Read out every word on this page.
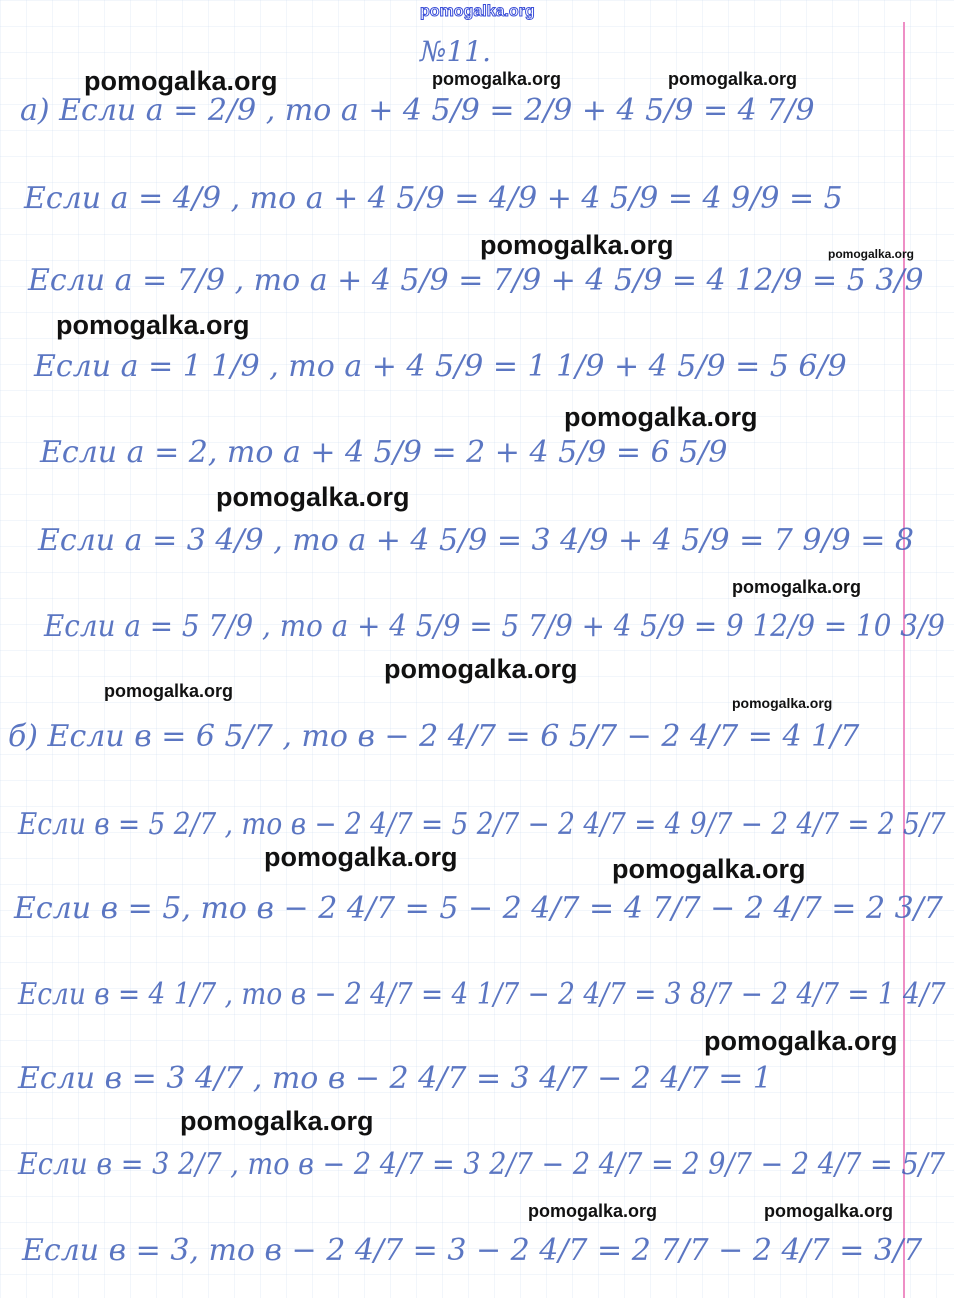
pomogalka.org
№11.
а) Если a = 2/9 , то a + 4 5/9 = 2/9 + 4 5/9 = 4 7/9
Если a = 4/9 , то a + 4 5/9 = 4/9 + 4 5/9 = 4 9/9 = 5
Если a = 7/9 , то a + 4 5/9 = 7/9 + 4 5/9 = 4 12/9 = 5 3/9
Если a = 1 1/9 , то a + 4 5/9 = 1 1/9 + 4 5/9 = 5 6/9
Если a = 2, то a + 4 5/9 = 2 + 4 5/9 = 6 5/9
Если a = 3 4/9 , то a + 4 5/9 = 3 4/9 + 4 5/9 = 7 9/9 = 8
Если a = 5 7/9 , то a + 4 5/9 = 5 7/9 + 4 5/9 = 9 12/9 = 10 3/9
б) Если в = 6 5/7 , то в − 2 4/7 = 6 5/7 − 2 4/7 = 4 1/7
Если в = 5 2/7 , то в − 2 4/7 = 5 2/7 − 2 4/7 = 4 9/7 − 2 4/7 = 2 5/7
Если в = 5, то в − 2 4/7 = 5 − 2 4/7 = 4 7/7 − 2 4/7 = 2 3/7
Если в = 4 1/7 , то в − 2 4/7 = 4 1/7 − 2 4/7 = 3 8/7 − 2 4/7 = 1 4/7
Если в = 3 4/7 , то в − 2 4/7 = 3 4/7 − 2 4/7 = 1
Если в = 3 2/7 , то в − 2 4/7 = 3 2/7 − 2 4/7 = 2 9/7 − 2 4/7 = 5/7
Если в = 3, то в − 2 4/7 = 3 − 2 4/7 = 2 7/7 − 2 4/7 = 3/7
pomogalka.org	pomogalka.org	pomogalka.org
pomogalka.org	pomogalka.org
pomogalka.org
pomogalka.org
pomogalka.org
pomogalka.org
pomogalka.org
pomogalka.org
pomogalka.org
pomogalka.org	pomogalka.org
pomogalka.org
pomogalka.org
pomogalka.org	pomogalka.org
